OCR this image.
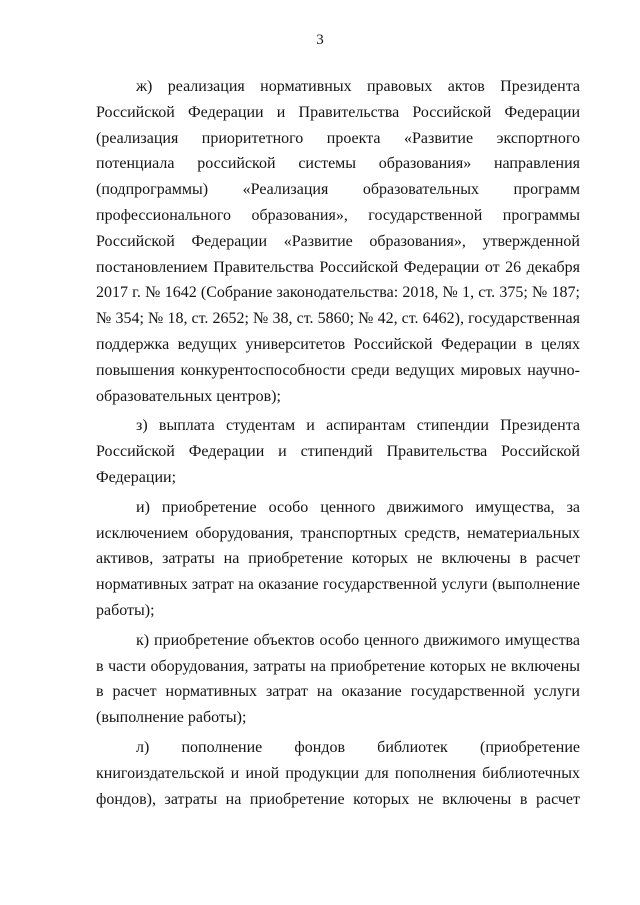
3

ж) реализация нормативных правовых актов Президента Российской Федерации и Правительства Российской Федерации (реализация приоритетного проекта «Развитие экспортного потенциала российской системы образования» направления (подпрограммы) «Реализация образовательных программ профессионального образования», государственной программы Российской Федерации «Развитие образования», утвержденной постановлением Правительства Российской Федерации от 26 декабря 2017 г. № 1642 (Собрание законодательства: 2018, № 1, ст. 375; № 187; № 354; № 18, ст. 2652; № 38, ст. 5860; № 42, ст. 6462), государственная поддержка ведущих университетов Российской Федерации в целях повышения конкурентоспособности среди ведущих мировых научно-образовательных центров);

з) выплата студентам и аспирантам стипендии Президента Российской Федерации и стипендий Правительства Российской Федерации;

и) приобретение особо ценного движимого имущества, за исключением оборудования, транспортных средств, нематериальных активов, затраты на приобретение которых не включены в расчет нормативных затрат на оказание государственной услуги (выполнение работы);

к) приобретение объектов особо ценного движимого имущества в части оборудования, затраты на приобретение которых не включены в расчет нормативных затрат на оказание государственной услуги (выполнение работы);

л) пополнение фондов библиотек (приобретение книгоиздательской и иной продукции для пополнения библиотечных фондов), затраты на приобретение которых не включены в расчет
